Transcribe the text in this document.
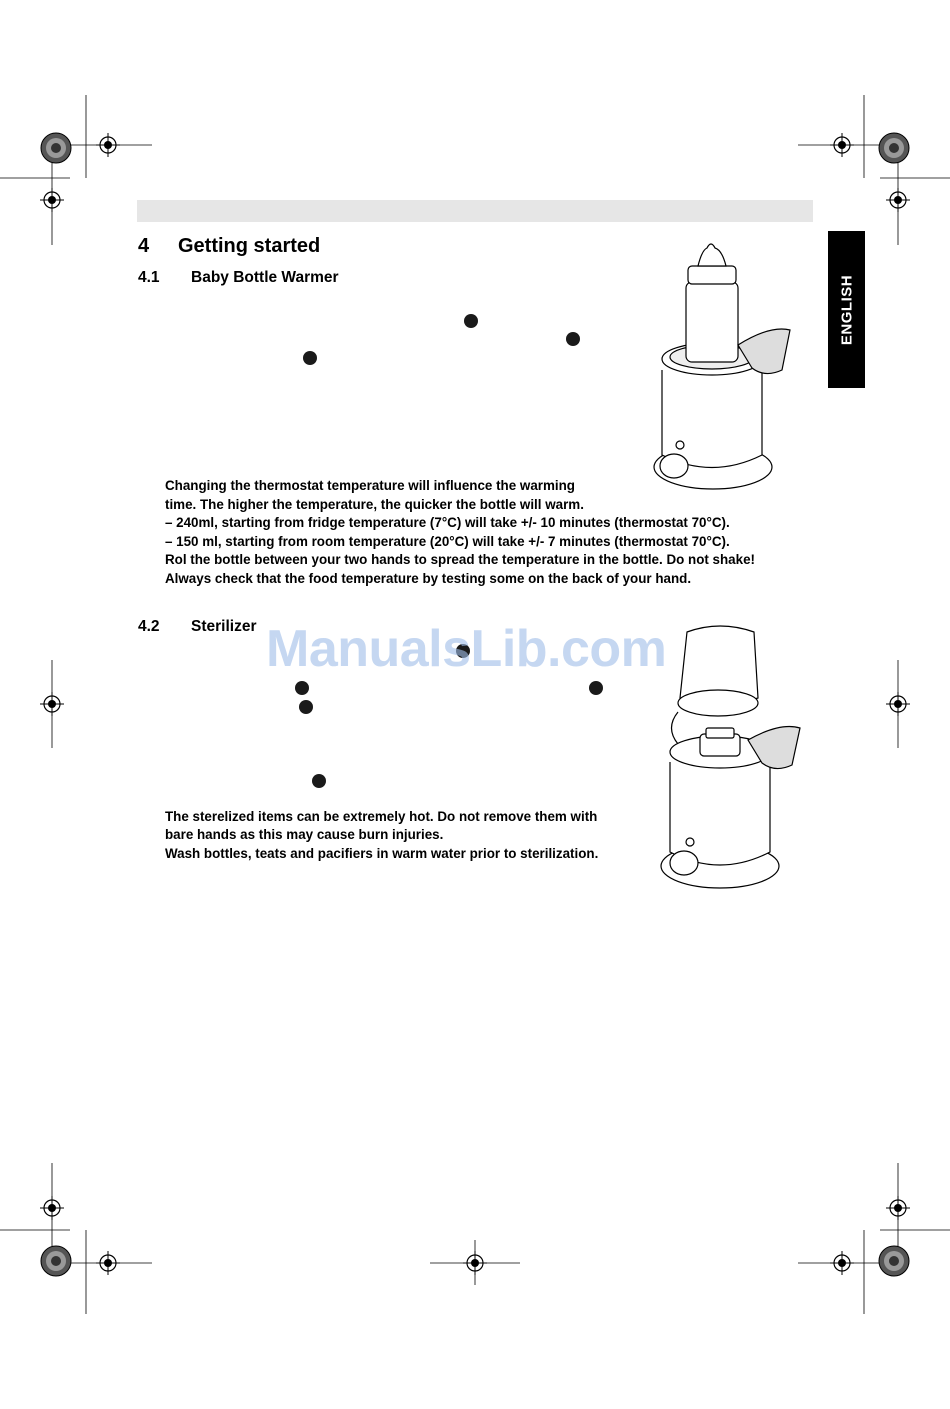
ENGLISH
4 Getting started
4.1 Baby Bottle Warmer
Changing the thermostat temperature will influence the warming
time. The higher the temperature, the quicker the bottle will warm.
– 240ml, starting from fridge temperature (7°C) will take +/- 10 minutes (thermostat 70°C).
– 150 ml, starting from room temperature (20°C) will take +/- 7 minutes (thermostat 70°C).
Rol the bottle between your two hands to spread the temperature in the bottle. Do not shake!
Always check that the food temperature by testing some on the back of your hand.
4.2 Sterilizer
The sterelized items can be extremely hot. Do not remove them with
bare hands as this may cause burn injuries.
Wash bottles, teats and pacifiers in warm water prior to sterilization.
ManualsLib.com
